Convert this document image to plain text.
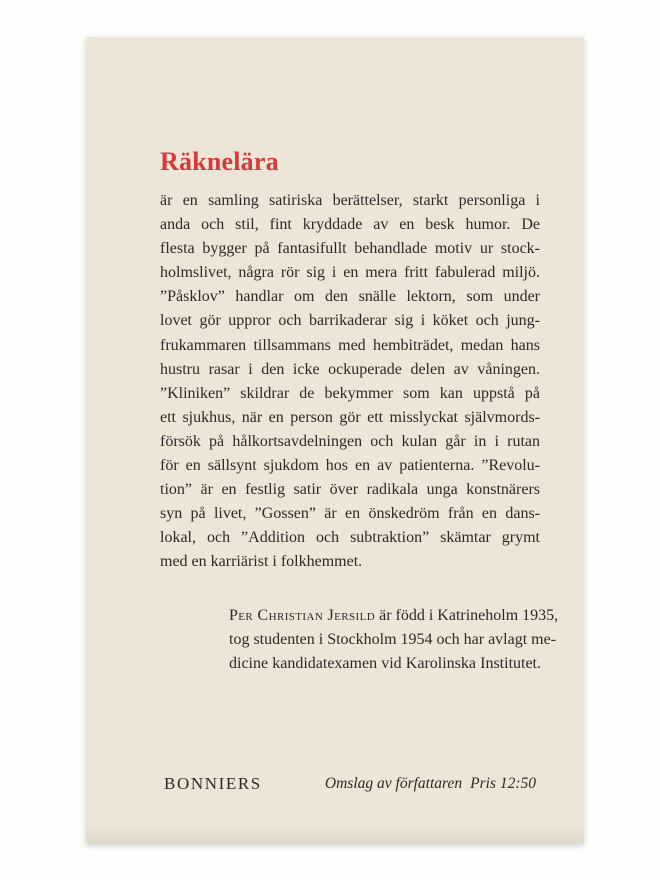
Räknelära
är en samling satiriska berättelser, starkt personliga i
anda och stil, fint kryddade av en besk humor. De
flesta bygger på fantasifullt behandlade motiv ur stock-
holmslivet, några rör sig i en mera fritt fabulerad miljö.
”Påsklov” handlar om den snälle lektorn, som under
lovet gör uppror och barrikaderar sig i köket och jung-
frukammaren tillsammans med hembiträdet, medan hans
hustru rasar i den icke ockuperade delen av våningen.
”Kliniken” skildrar de bekymmer som kan uppstå på
ett sjukhus, när en person gör ett misslyckat självmords-
försök på hålkortsavdelningen och kulan går in i rutan
för en sällsynt sjukdom hos en av patienterna. ”Revolu-
tion” är en festlig satir över radikala unga konstnärers
syn på livet, ”Gossen” är en önskedröm från en dans-
lokal, och ”Addition och subtraktion” skämtar grymt
med en karriärist i folkhemmet.
Per Christian Jersild är född i Katrineholm 1935,
tog studenten i Stockholm 1954 och har avlagt me-
dicine kandidatexamen vid Karolinska Institutet.
BONNIERS	Omslag av författaren Pris 12:50
